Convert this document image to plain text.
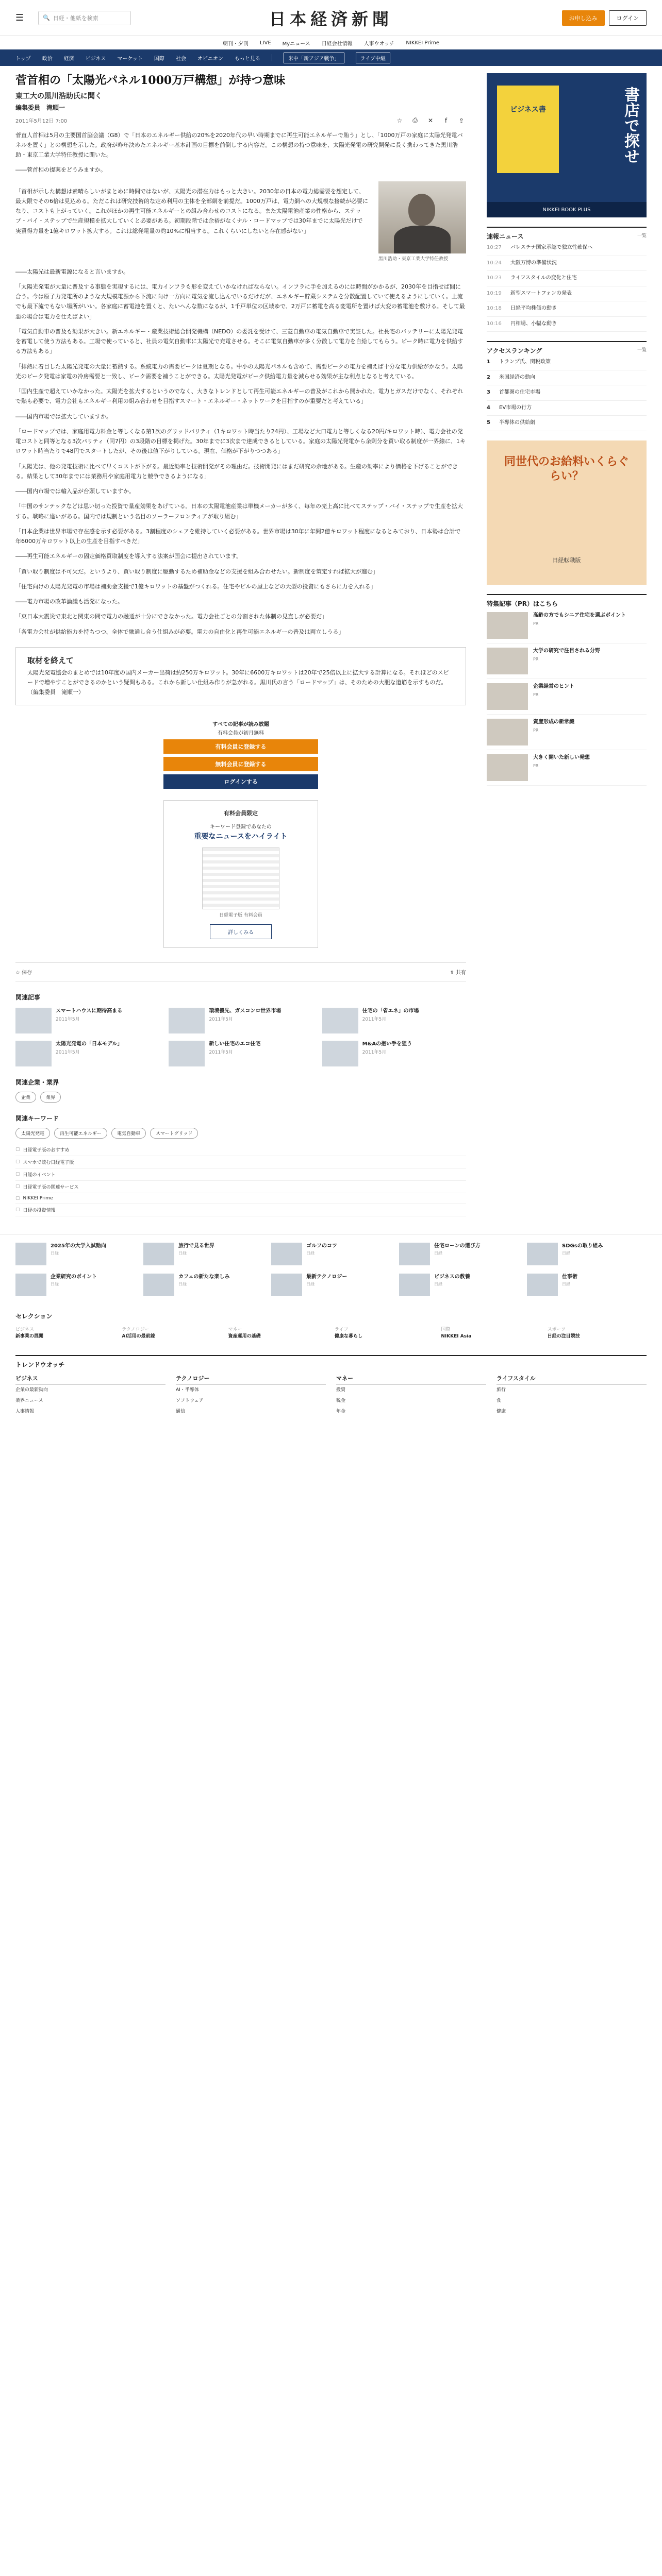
☰	🔍 日経・他紙を検索	日本経済新聞	お申し込み	ログイン
朝刊・夕刊 LIVE Myニュース 日経会社情報 人事ウオッチ NIKKEI Prime
トップ 政治 経済 ビジネス マーケット 国際 社会 オピニオン もっと見る	米中「新アジア戦争」	ライブ中継
菅首相の「太陽光パネル1000万戸構想」が持つ意味
東工大の黒川浩助氏に聞く
編集委員　滝順一
2011年5月12日 7:00	☆	⎙	✕	f	⇪

菅直人首相は5月の主要国首脳会議（G8）で「日本のエネルギー供給の20%を2020年代の早い時期までに再生可能エネルギーで賄う」とし、「1000万戸の家庭に太陽光発電パネルを置く」との構想を示した。政府が昨年決めたエネルギー基本計画の目標を前倒しする内容だ。この構想の持つ意味を、太陽光発電の研究開発に長く携わってきた黒川浩助・東京工業大学特任教授に聞いた。

――菅首相の提案をどうみますか。

「首相が示した構想は素晴らしいがまとめに時間ではないが、太陽光の潜在力はもっと大きい。2030年の日本の電力総需要を想定して、最大限でその6倍は見込める。ただこれは研究技術的な定め利用の主体を全部網を前提だ。1000万戸は、電力網への大規模な接続が必要になり、コストも上がっていく。これがほかの再生可能エネルギーとの組み合わせのコストになる。また太陽電池産業の性格から、ステップ・バイ・ステップで生産規模を拡大していくと必要がある。初期段階では余裕がなくナル・ロードマップでは30年までに太陽光だけで実質得力量を1億キロワット拡大する。これは総発電量の約10%に相当する。これくらいにしないと存在感がない」

黒川浩助・東京工業大学特任教授

――太陽光は最新電源になると言いますか。

「太陽光発電が大量に普及する事態を実現するには、電力インフラも形を変えていかなければならない。インフラに手を加えるのには時間がかかるが、2030年を目指せば間に合う。今は原子力発電所のような大規模電源から下流に向け一方向に電気を流し込んでいるだけだが、エネルギー貯蔵システムを分散配置していて使えるようにしていく。上流でも最下流でもない場所がいい。各家庭に蓄電池を置くと、たいへんな数になるが、1千戸単位の区域ゆで、2万戸に蓄電を高る変電所を置けば大変の蓄電池を敷ける。そして最悪の場合は電力を仕えばよい」

「電気自動車の普及も効果が大きい。新エネルギー・産業技術総合開発機構（NEDO）の委託を受けて、三菱自動車の電気自動車で実証した。社長宅のバッテリーに太陽光発電を蓄電して使う方法もある。工場で使っていると、社員の電気自動車に太陽光で充電させる。そこに電気自動車が多く分散して電力を自給してもらう。ピーク時に電力を供給する方法もある」

「排熱に着目した太陽光発電の大量に蓄熱する。系統電力の需要ピークは夏期となる。中小の太陽光パネルも含めて、需要ピークの電力を補えば十分な電力供給がかなう。太陽光のピーク発電は家電の冷房需要と一致し、ピーク需要を補うことができる。太陽光発電がピーク供給電力量を減らせる効果が主な利点となると考えている。

「国内生産で超えていかなかった。太陽光を拡大するというのでなく、大きなトレンドとして再生可能エネルギーの普及がこれから開かれた。電力とガスだけでなく、それぞれで熱も必要で、電力会社もエネルギー利用の組み合わせを目指すスマート・エネルギー・ネットワークを目指すのが重要だと考えている」

――国内市場では拡大していますか。

「ロードマップでは、家庭用電力料金と等しくなる第1次のグリッドパリティ（1キロワット時当たり24円）、工場など大口電力と等しくなる20円/キロワット時）、電力会社の発電コストと同等となる3次パリティ（同7円）の3段階の目標を掲げた。30年までに3次まで達成できるとしている。家庭の太陽光発電から余剰分を買い取る制度が一界線に、1キロワット時当たりで48円でスタートしたが、その後は値下がりしている。現在、価格が下がりつつある」

「太陽光は、他の発電技術に比べて早くコストが下がる。最近効率と技術開発がその理由だ。技術開発にはまだ研究の余地がある。生産の効率により価格を下げることができる。結果として30年までには業務用や家庭用電力と競争できるようになる」

――国内市場では輸入品が台頭していますか。

「中国のサンテックなどは思い切った投資で量産効果をあげている。日本の太陽電池産業は単機メーカーが多く、毎年の売上高に比べてステップ・バイ・ステップで生産を拡大する。戦略に違いがある。国内では規制という名目のソーラーフロンティアが取り組む」

「日本企業は世界市場で存在感を示す必要がある。3割程度のシェアを維持していく必要がある。世界市場は30年に年間2億キロワット程度になるとみており、日本勢は合計で年6000万キロワット以上の生産を目指すべきだ」

――再生可能エネルギーの固定価格買取制度を導入する法案が国会に提出されています。

「買い取り制度は不可欠だ。というより、買い取り制度に駆動するため補助金などの支援を組み合わせたい。新制度を策定すれば拡大が進む」

「住宅向けの太陽光発電の市場は補助金支援で1億キロワットの基盤がつくれる。住宅やビルの屋上などの大型の投資にもさらに力を入れる」

――電力市場の改革論議も活発になった。

「東日本大震災で東北と関東の間で電力の融通が十分にできなかった。電力会社ごとの分割された体制の見直しが必要だ」

「各電力会社が供給能力を持ちつつ、全体で融通し合う仕組みが必要。電力の自由化と再生可能エネルギーの普及は両立しうる」

取材を終えて

太陽光発電協会のまとめでは10年度の国内メーカー出荷は約250万キロワット。30年に6600万キロワットは20年で25倍以上に拡大する計算になる。それほどのスピードで増やすことができるのかという疑問もある。これから新しい仕組み作りが急がれる。黒川氏の言う「ロードマップ」は、そのための大胆な道筋を示すものだ。（編集委員　滝順一）

すべての記事が読み放題
有料会員が初月無料
有料会員に登録する
無料会員に登録する
ログインする
有料会員限定
キーワード登録であなたの
重要なニュースをハイライト
日経電子版 有料会員
詳しくみる
☆ 保存	⇪ 共有
関連記事
スマートハウスに期待高まる
2011年5月
環境優先、ガスコンロ世界市場
2011年5月
住宅の「省エネ」の市場
2011年5月
太陽光発電の「日本モデル」
2011年5月
新しい住宅のエコ住宅
2011年5月
M&Aの抱い手を狙う
2011年5月
関連企業・業界
企業	業界
関連キーワード
太陽光発電	再生可能エネルギー	電気自動車	スマートグリッド
▢ 日経電子版のおすすめ
▢ スマホで読む日経電子版
▢ 日経のイベント
▢ 日経電子版の関連サービス
▢ NIKKEI Prime
▢ 日経の投資情報
ビジネス書	書店で探せ
NIKKEI BOOK PLUS
速報ニュース	一覧
10:27	パレスチナ国家承認で独立性確保へ
10:24	大阪万博の準備状況
10:23	ライフスタイルの変化と住宅
10:19	新型スマートフォンの発表
10:18	日経平均株価の動き
10:16	円相場、小幅な動き
アクセスランキング	一覧
1	トランプ氏、関税政策
2	米国経済の動向
3	首都圏の住宅市場
4	EV市場の行方
5	半導体の供給網
同世代のお給料いくらぐらい？
日経転職版
特集記事（PR）はこちら
高齢の方でもシニア住宅を選ぶポイント
PR
大学の研究で注目される分野
PR
企業経営のヒント
PR
資産形成の新常識
PR
大きく開いた新しい発想
PR
2025年の大学入試動向
日経
旅行で見る世界
日経
ゴルフのコツ
日経
住宅ローンの選び方
日経
SDGsの取り組み
日経
企業研究のポイント
日経
カフェの新たな楽しみ
日経
最新テクノロジー
日経
ビジネスの教養
日経
仕事術
日経
セレクション
ビジネス
新事業の展開
テクノロジー
AI活用の最前線
マネー
資産運用の基礎
ライフ
健康な暮らし
国際
NIKKEI Asia
スポーツ
日経の注目競技
トレンドウオッチ
ビジネス
企業の最新動向
業界ニュース
人事情報
テクノロジー
AI・半導体
ソフトウェア
通信
マネー
投資
税金
年金
ライフスタイル
旅行
食
健康
